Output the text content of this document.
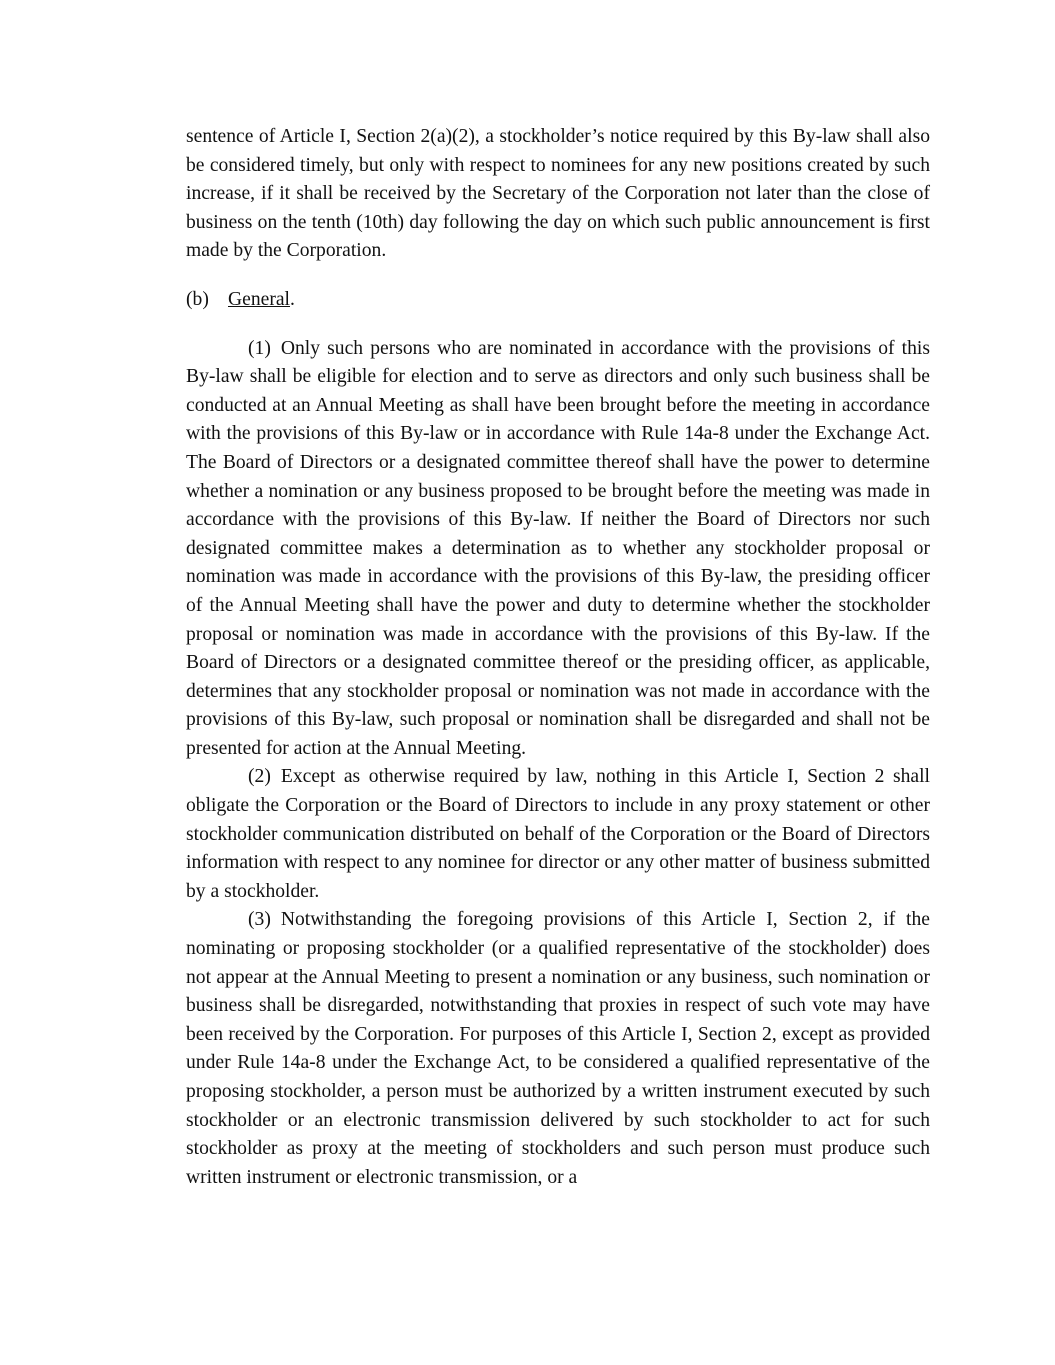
sentence of Article I, Section 2(a)(2), a stockholder’s notice required by this By-law shall also be considered timely, but only with respect to nominees for any new positions created by such increase, if it shall be received by the Secretary of the Corporation not later than the close of business on the tenth (10th) day following the day on which such public announcement is first made by the Corporation.

(b) General.

(1) Only such persons who are nominated in accordance with the provisions of this By-law shall be eligible for election and to serve as directors and only such business shall be conducted at an Annual Meeting as shall have been brought before the meeting in accordance with the provisions of this By-law or in accordance with Rule 14a-8 under the Exchange Act. The Board of Directors or a designated committee thereof shall have the power to determine whether a nomination or any business proposed to be brought before the meeting was made in accordance with the provisions of this By-law. If neither the Board of Directors nor such designated committee makes a determination as to whether any stockholder proposal or nomination was made in accordance with the provisions of this By-law, the presiding officer of the Annual Meeting shall have the power and duty to determine whether the stockholder proposal or nomination was made in accordance with the provisions of this By-law. If the Board of Directors or a designated committee thereof or the presiding officer, as applicable, determines that any stockholder proposal or nomination was not made in accordance with the provisions of this By-law, such proposal or nomination shall be disregarded and shall not be presented for action at the Annual Meeting.

(2) Except as otherwise required by law, nothing in this Article I, Section 2 shall obligate the Corporation or the Board of Directors to include in any proxy statement or other stockholder communication distributed on behalf of the Corporation or the Board of Directors information with respect to any nominee for director or any other matter of business submitted by a stockholder.

(3) Notwithstanding the foregoing provisions of this Article I, Section 2, if the nominating or proposing stockholder (or a qualified representative of the stockholder) does not appear at the Annual Meeting to present a nomination or any business, such nomination or business shall be disregarded, notwithstanding that proxies in respect of such vote may have been received by the Corporation. For purposes of this Article I, Section 2, except as provided under Rule 14a-8 under the Exchange Act, to be considered a qualified representative of the proposing stockholder, a person must be authorized by a written instrument executed by such stockholder or an electronic transmission delivered by such stockholder to act for such stockholder as proxy at the meeting of stockholders and such person must produce such written instrument or electronic transmission, or a
